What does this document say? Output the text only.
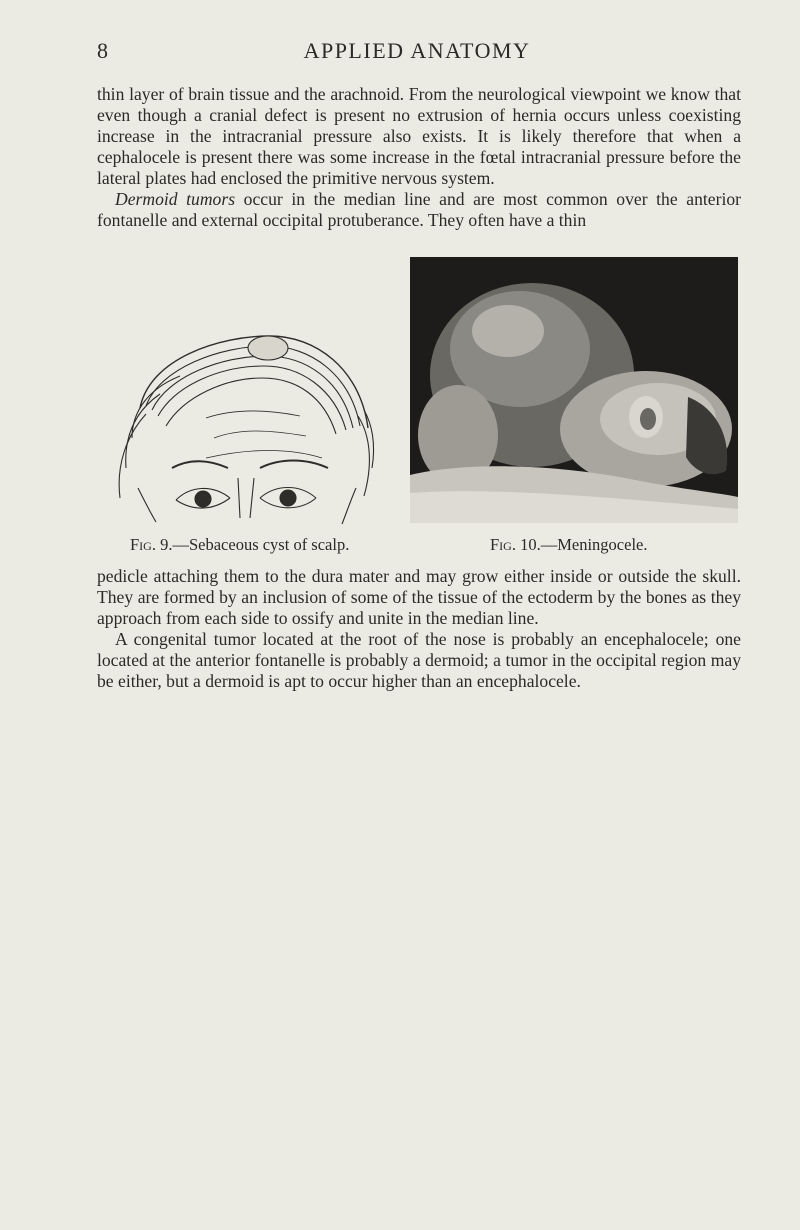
8	APPLIED ANATOMY

thin layer of brain tissue and the arachnoid. From the neurological viewpoint we know that even though a cranial defect is present no extrusion of hernia occurs unless coexisting increase in the intracranial pressure also exists. It is likely therefore that when a cephalocele is present there was some increase in the fœtal intracranial pressure before the lateral plates had enclosed the primitive nervous system.

Dermoid tumors occur in the median line and are most common over the anterior fontanelle and external occipital protuberance. They often have a thin

Fig. 9.—Sebaceous cyst of scalp.	Fig. 10.—Meningocele.

pedicle attaching them to the dura mater and may grow either inside or outside the skull. They are formed by an inclusion of some of the tissue of the ectoderm by the bones as they approach from each side to ossify and unite in the median line.

A congenital tumor located at the root of the nose is probably an encephalocele; one located at the anterior fontanelle is probably a dermoid; a tumor in the occipital region may be either, but a dermoid is apt to occur higher than an encephalocele.
